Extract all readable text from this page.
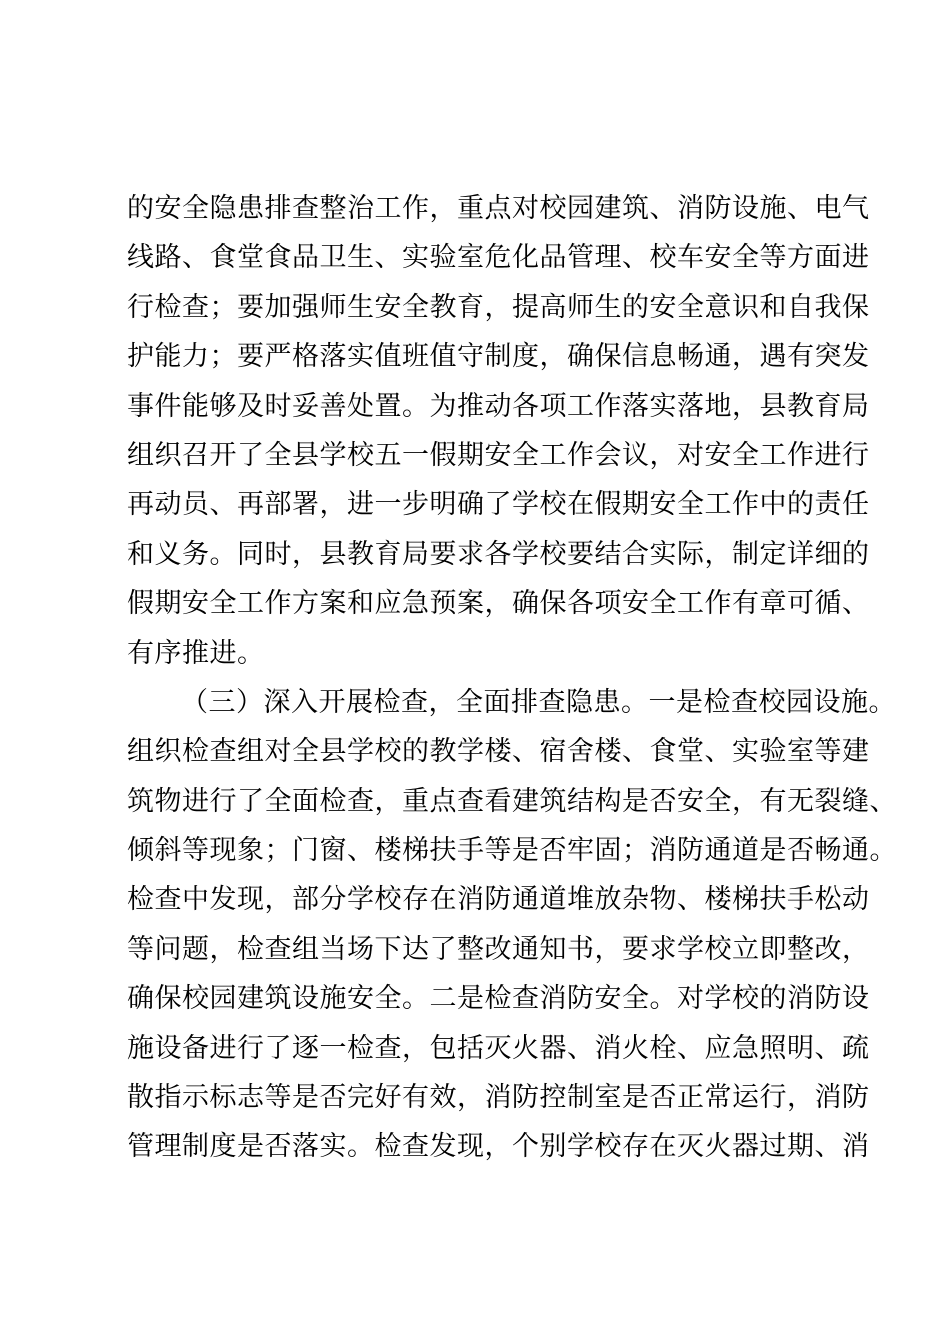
的安全隐患排查整治工作，重点对校园建筑、消防设施、电气
线路、食堂食品卫生、实验室危化品管理、校车安全等方面进
行检查；要加强师生安全教育，提高师生的安全意识和自我保
护能力；要严格落实值班值守制度，确保信息畅通，遇有突发
事件能够及时妥善处置。为推动各项工作落实落地，县教育局
组织召开了全县学校五一假期安全工作会议，对安全工作进行
再动员、再部署，进一步明确了学校在假期安全工作中的责任
和义务。同时，县教育局要求各学校要结合实际，制定详细的
假期安全工作方案和应急预案，确保各项安全工作有章可循、
有序推进。
（三）深入开展检查，全面排查隐患。一是检查校园设施。
组织检查组对全县学校的教学楼、宿舍楼、食堂、实验室等建
筑物进行了全面检查，重点查看建筑结构是否安全，有无裂缝、
倾斜等现象；门窗、楼梯扶手等是否牢固；消防通道是否畅通。
检查中发现，部分学校存在消防通道堆放杂物、楼梯扶手松动
等问题，检查组当场下达了整改通知书，要求学校立即整改，
确保校园建筑设施安全。二是检查消防安全。对学校的消防设
施设备进行了逐一检查，包括灭火器、消火栓、应急照明、疏
散指示标志等是否完好有效，消防控制室是否正常运行，消防
管理制度是否落实。检查发现，个别学校存在灭火器过期、消
